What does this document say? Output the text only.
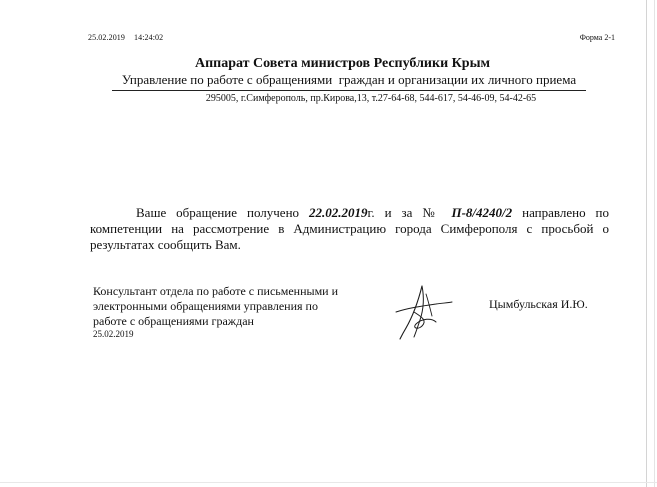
25.02.2019 14:24:02	Форма 2-1
Аппарат Совета министров Республики Крым
Управление по работе с обращениями  граждан и организации их личного приема
295005, г.Симферополь, пр.Кирова,13, т.27-64-68, 544-617, 54-46-09, 54-42-65
Ваше обращение получено 22.02.2019г. и за № П-8/4240/2 направлено по компетенции на рассмотрение в Администрацию города Симферополя с просьбой о результатах сообщить Вам.
Консультант отдела по работе с письменными и
электронными обращениями управления по
работе с обращениями граждан
25.02.2019
Цымбульская И.Ю.
